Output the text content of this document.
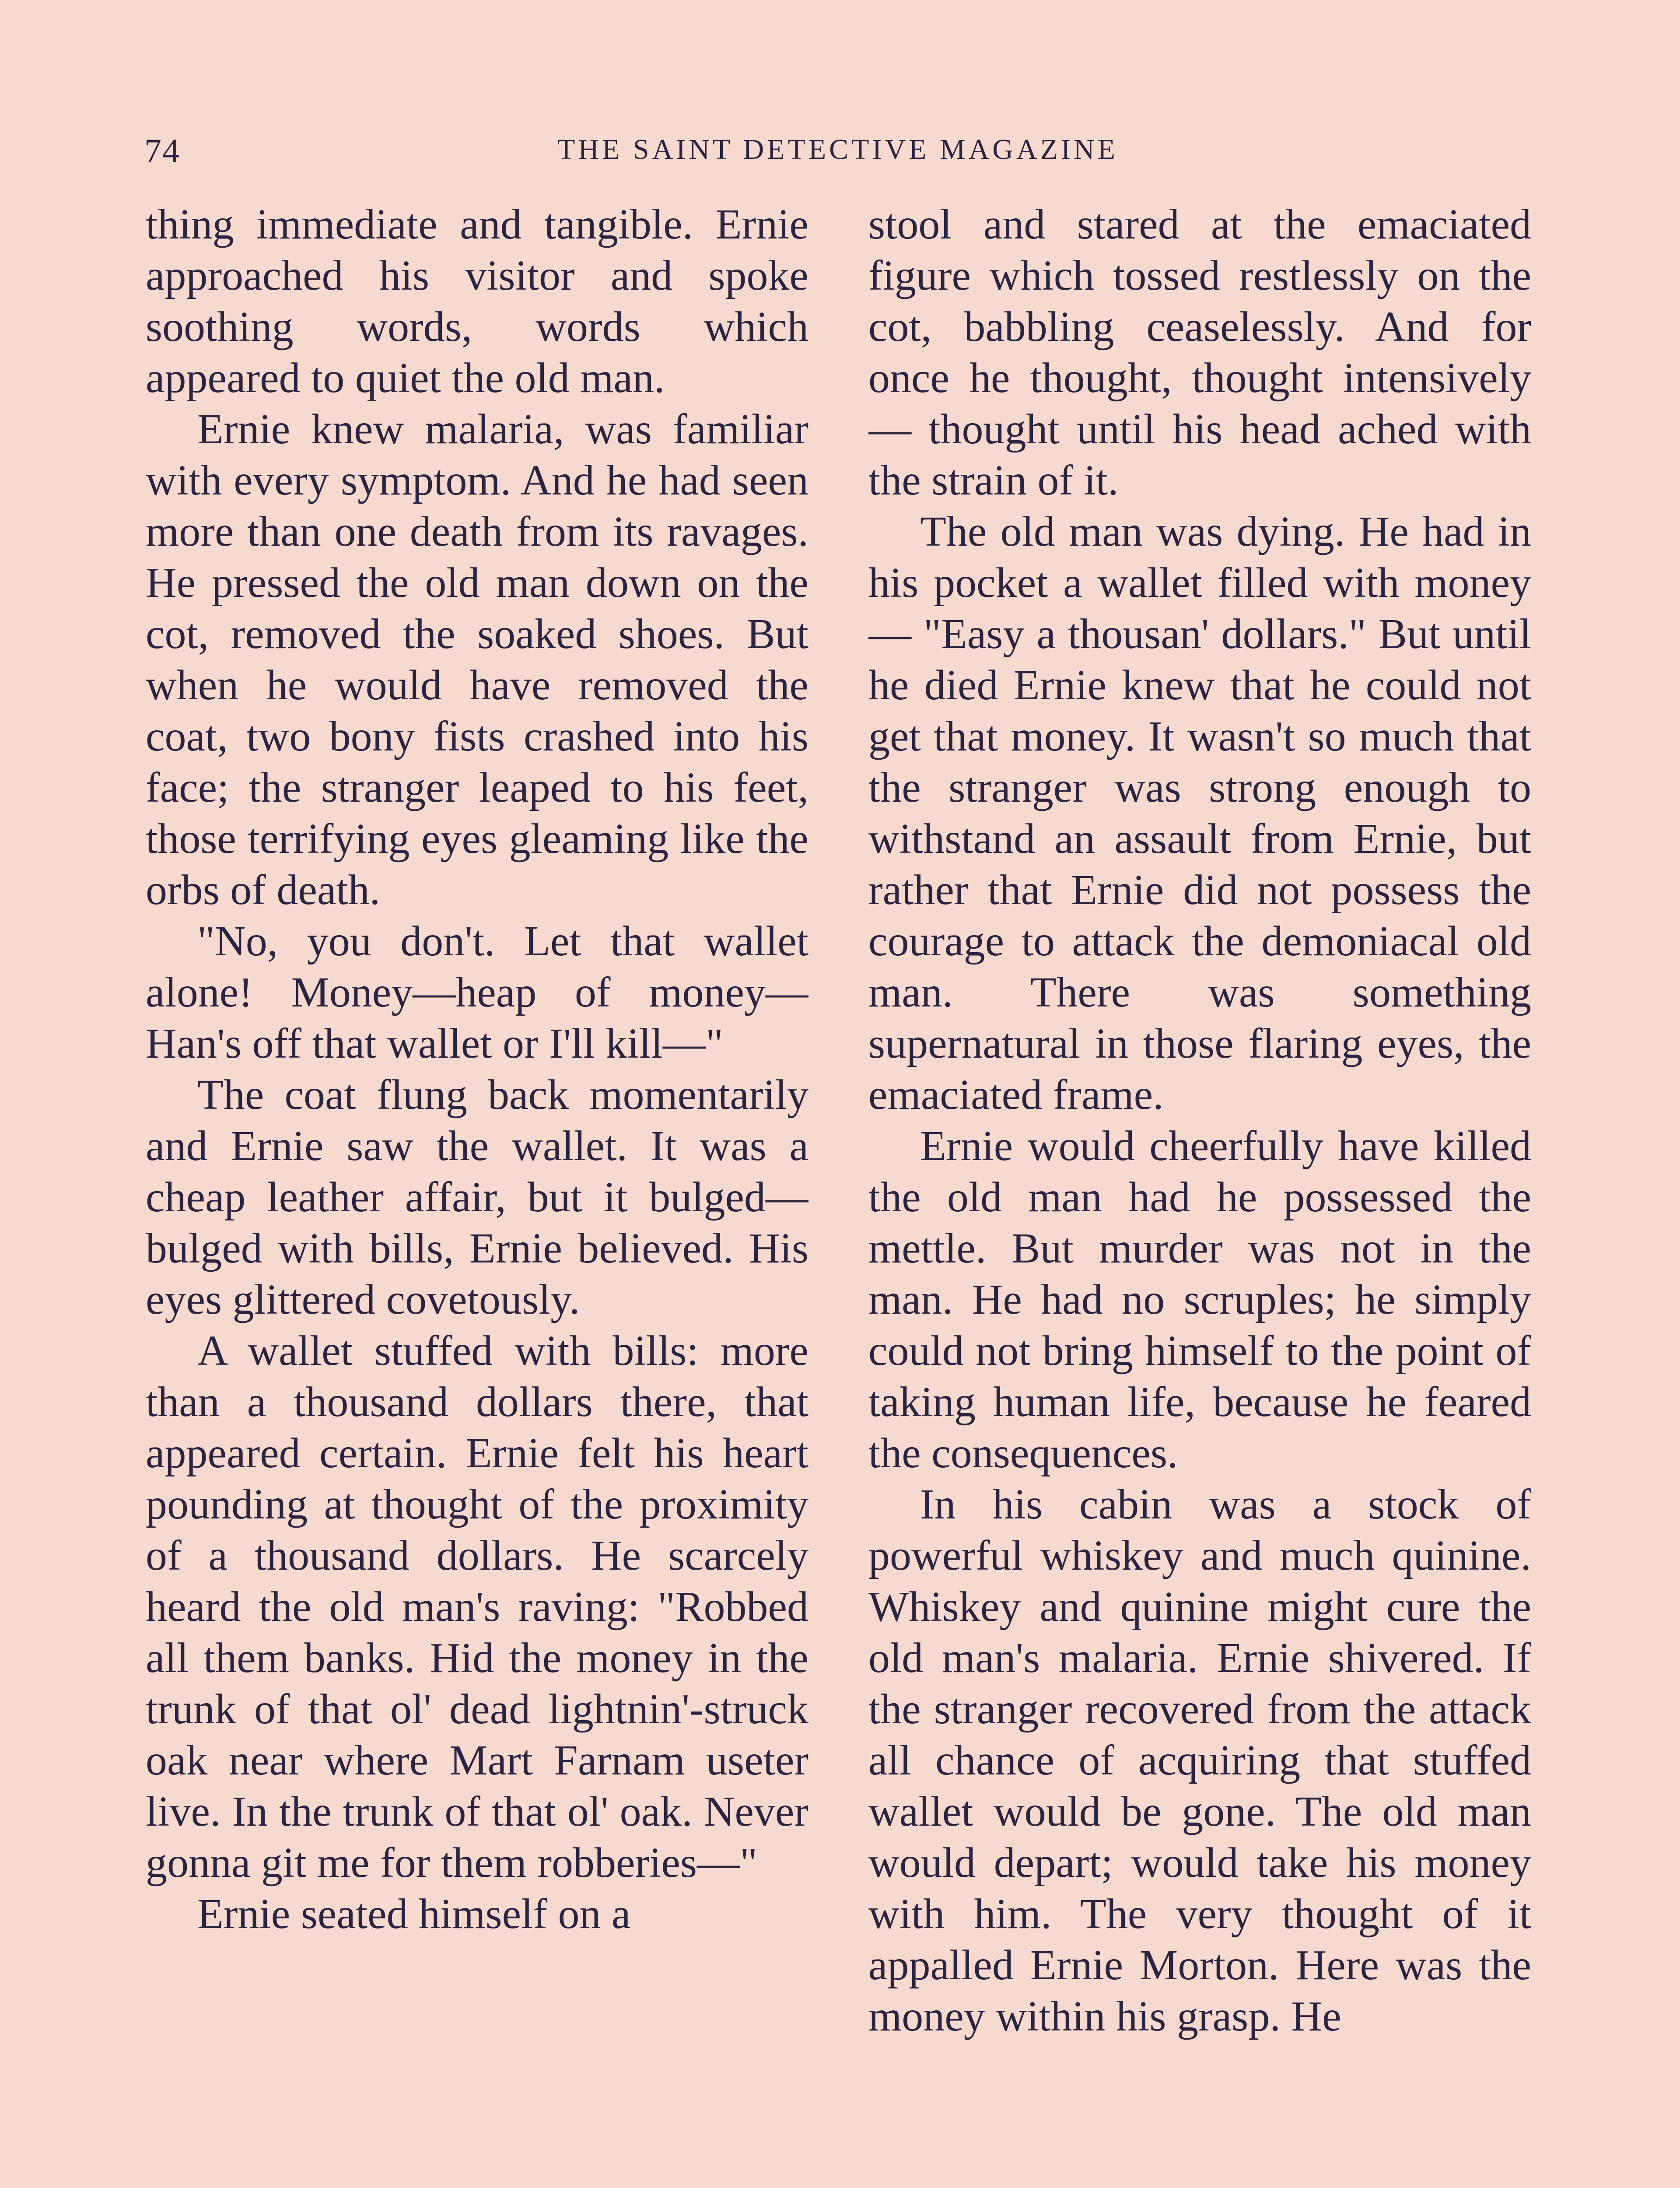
74	THE SAINT DETECTIVE MAGAZINE

thing immediate and tangible. Ernie approached his visitor and spoke soothing words, words which appeared to quiet the old man.

Ernie knew malaria, was familiar with every symptom. And he had seen more than one death from its ravages. He pressed the old man down on the cot, removed the soaked shoes. But when he would have removed the coat, two bony fists crashed into his face; the stranger leaped to his feet, those terrifying eyes gleaming like the orbs of death.

"No, you don't. Let that wallet alone! Money—heap of money— Han's off that wallet or I'll kill—"

The coat flung back momentarily and Ernie saw the wallet. It was a cheap leather affair, but it bulged—bulged with bills, Ernie believed. His eyes glittered covetously.

A wallet stuffed with bills: more than a thousand dollars there, that appeared certain. Ernie felt his heart pounding at thought of the proximity of a thousand dollars. He scarcely heard the old man's raving: "Robbed all them banks. Hid the money in the trunk of that ol' dead lightnin'-struck oak near where Mart Farnam useter live. In the trunk of that ol' oak. Never gonna git me for them robberies—"

Ernie seated himself on a

stool and stared at the emaciated figure which tossed restlessly on the cot, babbling ceaselessly. And for once he thought, thought intensively — thought until his head ached with the strain of it.

The old man was dying. He had in his pocket a wallet filled with money— "Easy a thousan' dollars." But until he died Ernie knew that he could not get that money. It wasn't so much that the stranger was strong enough to withstand an assault from Ernie, but rather that Ernie did not possess the courage to attack the demoniacal old man. There was something supernatural in those flaring eyes, the emaciated frame.

Ernie would cheerfully have killed the old man had he possessed the mettle. But murder was not in the man. He had no scruples; he simply could not bring himself to the point of taking human life, because he feared the consequences.

In his cabin was a stock of powerful whiskey and much quinine. Whiskey and quinine might cure the old man's malaria. Ernie shivered. If the stranger recovered from the attack all chance of acquiring that stuffed wallet would be gone. The old man would depart; would take his money with him. The very thought of it appalled Ernie Morton. Here was the money within his grasp. He
